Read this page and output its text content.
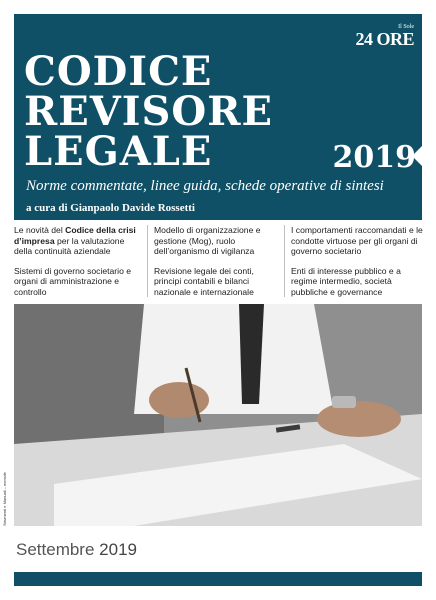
Il Sole
24 ORE
CODICE
REVISORE
LEGALE	2019
Norme commentate, linee guida, schede operative di sintesi
a cura di Gianpaolo Davide Rossetti

Le novità del Codice della crisi d’impresa per la valutazione della continuità aziendale

Sistemi di governo societario e organi di amministrazione e controllo

Modello di organizzazione e gestione (Mog), ruolo dell’organismo di vigilanza

Revisione legale dei conti, principi contabili e bilanci nazionale e internazionale

I comportamenti raccomandati e le condotte virtuose per gli organi di governo societario

Enti di interesse pubblico e a regime intermedio, società pubbliche e governance

Strumenti e Manuali – mensile
Settembre 2019
